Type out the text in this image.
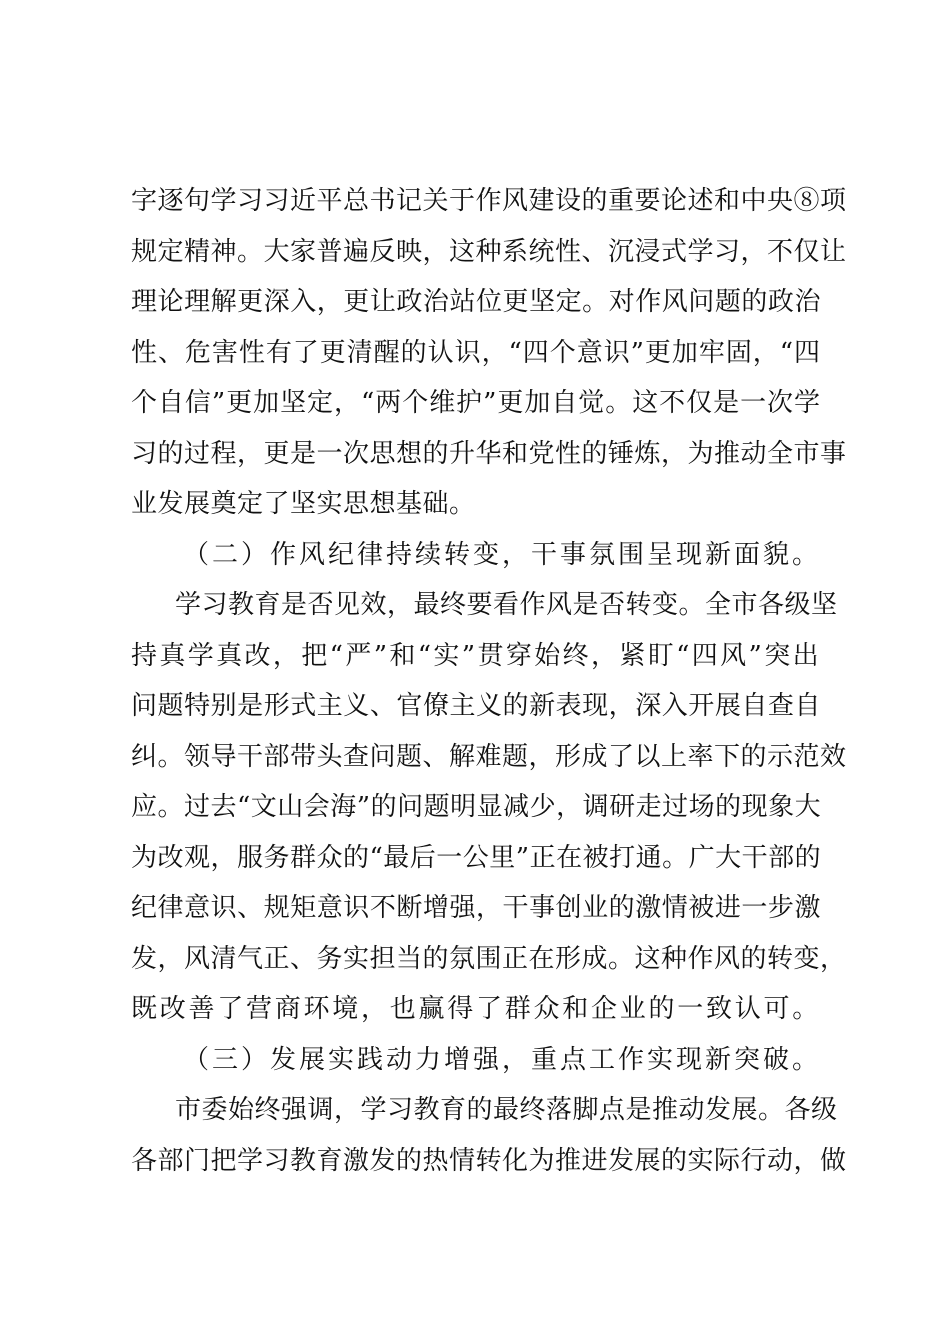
字逐句学习习近平总书记关于作风建设的重要论述和中央⑧项
规定精神。大家普遍反映，这种系统性、沉浸式学习，不仅让
理论理解更深入，更让政治站位更坚定。对作风问题的政治
性、危害性有了更清醒的认识，“四个意识”更加牢固，“四
个自信”更加坚定，“两个维护”更加自觉。这不仅是一次学
习的过程，更是一次思想的升华和党性的锤炼，为推动全市事
业发展奠定了坚实思想基础。
（二）作风纪律持续转变，干事氛围呈现新面貌。
学习教育是否见效，最终要看作风是否转变。全市各级坚
持真学真改，把“严”和“实”贯穿始终，紧盯“四风”突出
问题特别是形式主义、官僚主义的新表现，深入开展自查自
纠。领导干部带头查问题、解难题，形成了以上率下的示范效
应。过去“文山会海”的问题明显减少，调研走过场的现象大
为改观，服务群众的“最后一公里”正在被打通。广大干部的
纪律意识、规矩意识不断增强，干事创业的激情被进一步激
发，风清气正、务实担当的氛围正在形成。这种作风的转变，
既改善了营商环境，也赢得了群众和企业的一致认可。
（三）发展实践动力增强，重点工作实现新突破。
市委始终强调，学习教育的最终落脚点是推动发展。各级
各部门把学习教育激发的热情转化为推进发展的实际行动，做
